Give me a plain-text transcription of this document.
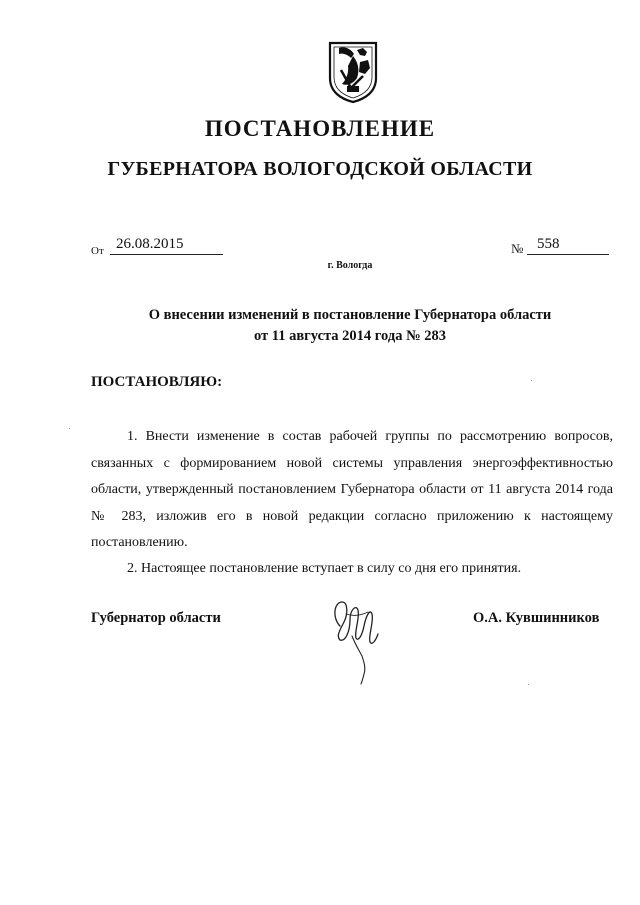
ПОСТАНОВЛЕНИЕ
ГУБЕРНАТОРА ВОЛОГОДСКОЙ ОБЛАСТИ
От 26.08.2015	№ 558
г. Вологда
О внесении изменений в постановление Губернатора области
от 11 августа 2014 года № 283
ПОСТАНОВЛЯЮ:

1. Внести изменение в состав рабочей группы по рассмотрению вопросов, связанных с формированием новой системы управления энергоэффективностью области, утвержденный постановлением Губернатора области от 11 августа 2014 года № 283, изложив его в новой редакции согласно приложению к настоящему постановлению.

2. Настоящее постановление вступает в силу со дня его принятия.

Губернатор области	О.А. Кувшинников
